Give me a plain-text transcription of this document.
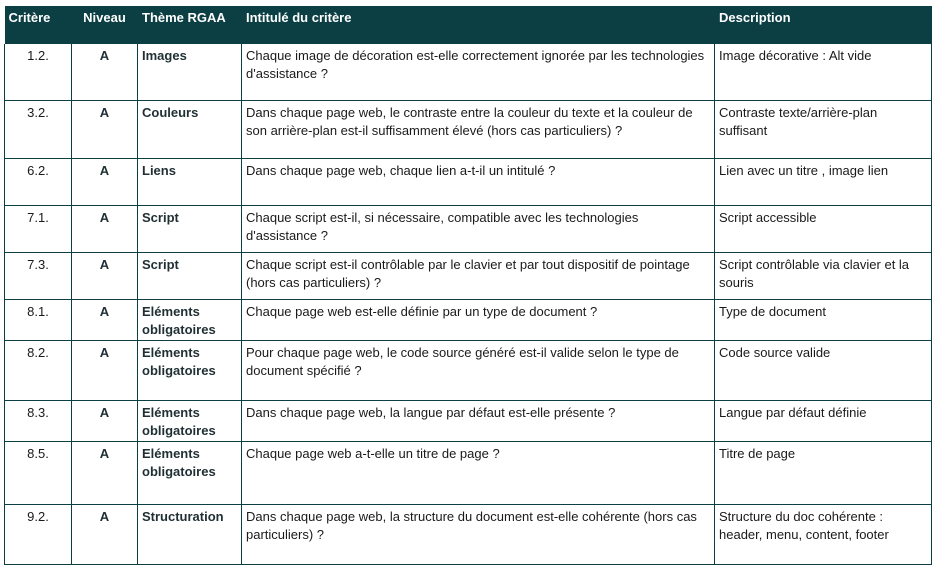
Critère	Niveau	Thème RGAA	Intitulé du critère	Description
1.2.	A	Images	Chaque image de décoration est-elle correctement ignorée par les technologies d'assistance ?	Image décorative : Alt vide
3.2.	A	Couleurs	Dans chaque page web, le contraste entre la couleur du texte et la couleur de son arrière-plan est-il suffisamment élevé (hors cas particuliers) ?	Contraste texte/arrière-plan suffisant
6.2.	A	Liens	Dans chaque page web, chaque lien a-t-il un intitulé ?	Lien avec un titre , image lien
7.1.	A	Script	Chaque script est-il, si nécessaire, compatible avec les technologies d'assistance ?	Script accessible
7.3.	A	Script	Chaque script est-il contrôlable par le clavier et par tout dispositif de pointage (hors cas particuliers) ?	Script contrôlable via clavier et la souris
8.1.	A	Eléments obligatoires	Chaque page web est-elle définie par un type de document ?	Type de document
8.2.	A	Eléments obligatoires	Pour chaque page web, le code source généré est-il valide selon le type de document spécifié ?	Code source valide
8.3.	A	Eléments obligatoires	Dans chaque page web, la langue par défaut est-elle présente ?	Langue par défaut définie
8.5.	A	Eléments obligatoires	Chaque page web a-t-elle un titre de page ?	Titre de page
9.2.	A	Structuration	Dans chaque page web, la structure du document est-elle cohérente (hors cas particuliers) ?	Structure du doc cohérente : header, menu, content, footer
